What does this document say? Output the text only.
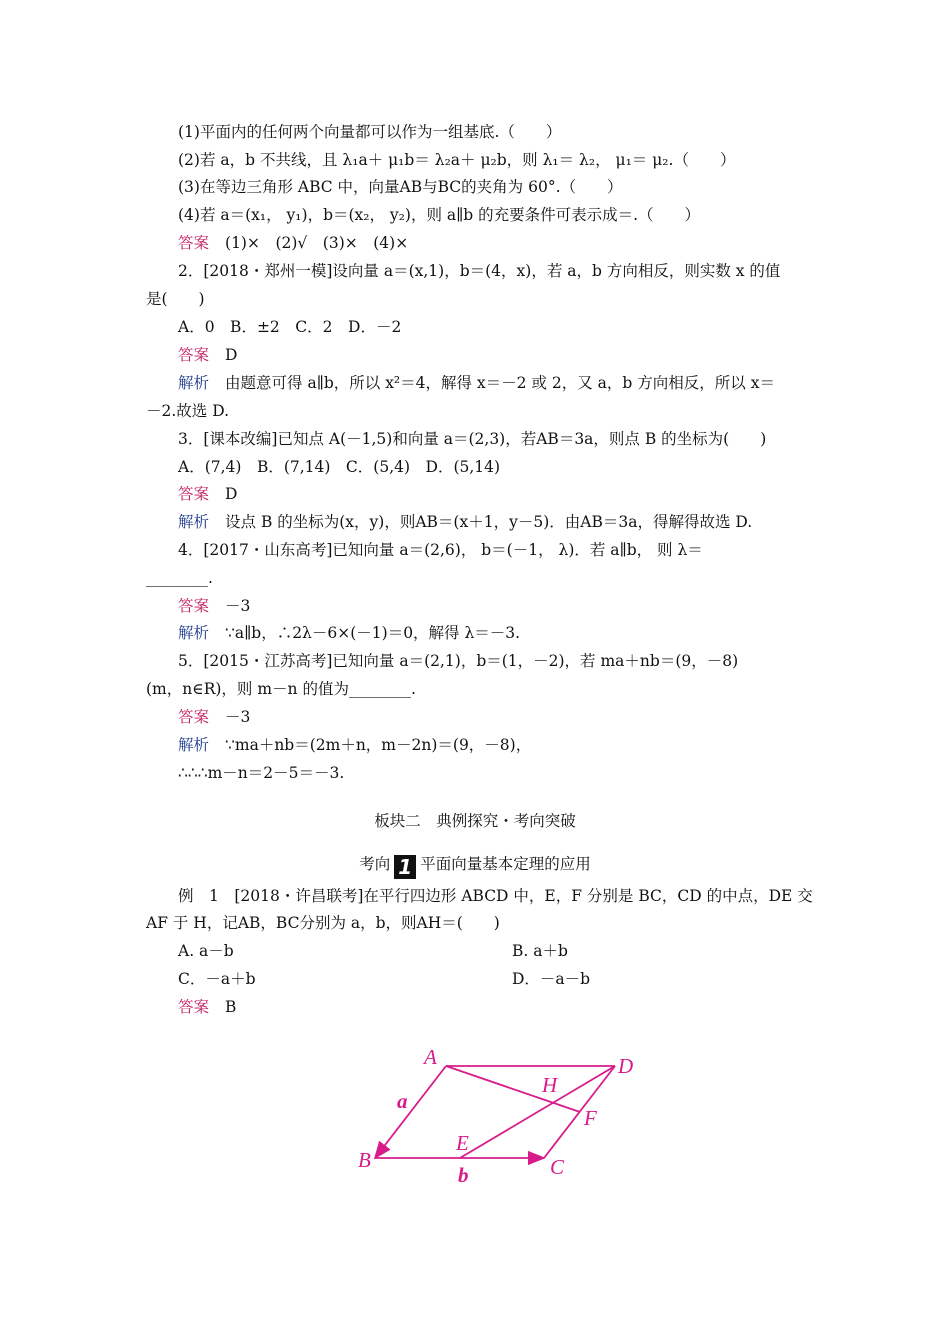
(1)平面内的任何两个向量都可以作为一组基底.（　　）
(2)若 a，b 不共线，且 λ₁a＋ μ₁b＝ λ₂a＋ μ₂b，则 λ₁＝ λ₂， μ₁＝ μ₂.（　　）
(3)在等边三角形 ABC 中，向量AB与BC的夹角为 60°.（　　）
(4)若 a＝(x₁， y₁)，b＝(x₂， y₂)，则 a∥b 的充要条件可表示成＝.（　　）
答案 (1)×　(2)√　(3)×　(4)×
2．[2018・郑州一模]设向量 a＝(x,1)，b＝(4，x)，若 a，b 方向相反，则实数 x 的值
是(　　)
A．0　B．±2　C．2　D．－2
答案 D
解析 由题意可得 a∥b，所以 x²＝4，解得 x＝－2 或 2，又 a，b 方向相反，所以 x＝
－2.故选 D.
3．[课本改编]已知点 A(－1,5)和向量 a＝(2,3)，若AB＝3a，则点 B 的坐标为(　　)
A．(7,4)　B．(7,14)　C．(5,4)　D．(5,14)
答案 D
解析 设点 B 的坐标为(x，y)，则AB＝(x＋1，y－5)．由AB＝3a，得解得故选 D.
4．[2017・山东高考]已知向量 a＝(2,6)， b＝(－1， λ)．若 a∥b， 则 λ＝
________.
答案 －3
解析 ∵a∥b，∴2λ－6×(－1)＝0，解得 λ＝－3.
5．[2015・江苏高考]已知向量 a＝(2,1)，b＝(1，－2)，若 ma＋nb＝(9，－8)
(m，n∈R)，则 m－n 的值为________.
答案 －3
解析 ∵ma＋nb＝(2m＋n，m－2n)＝(9，－8)，
∴∴∴m－n＝2－5＝－3.
板块二　典例探究・考向突破
考向 1 平面向量基本定理的应用
例　1　[2018・许昌联考]在平行四边形 ABCD 中，E，F 分别是 BC，CD 的中点，DE 交
AF 于 H，记AB，BC分别为 a，b，则AH＝(　　)
A. a－b	B. a＋b
C．－a＋b	D．－a－b
答案 B
A	D
H
F
E
B	C
a
b
